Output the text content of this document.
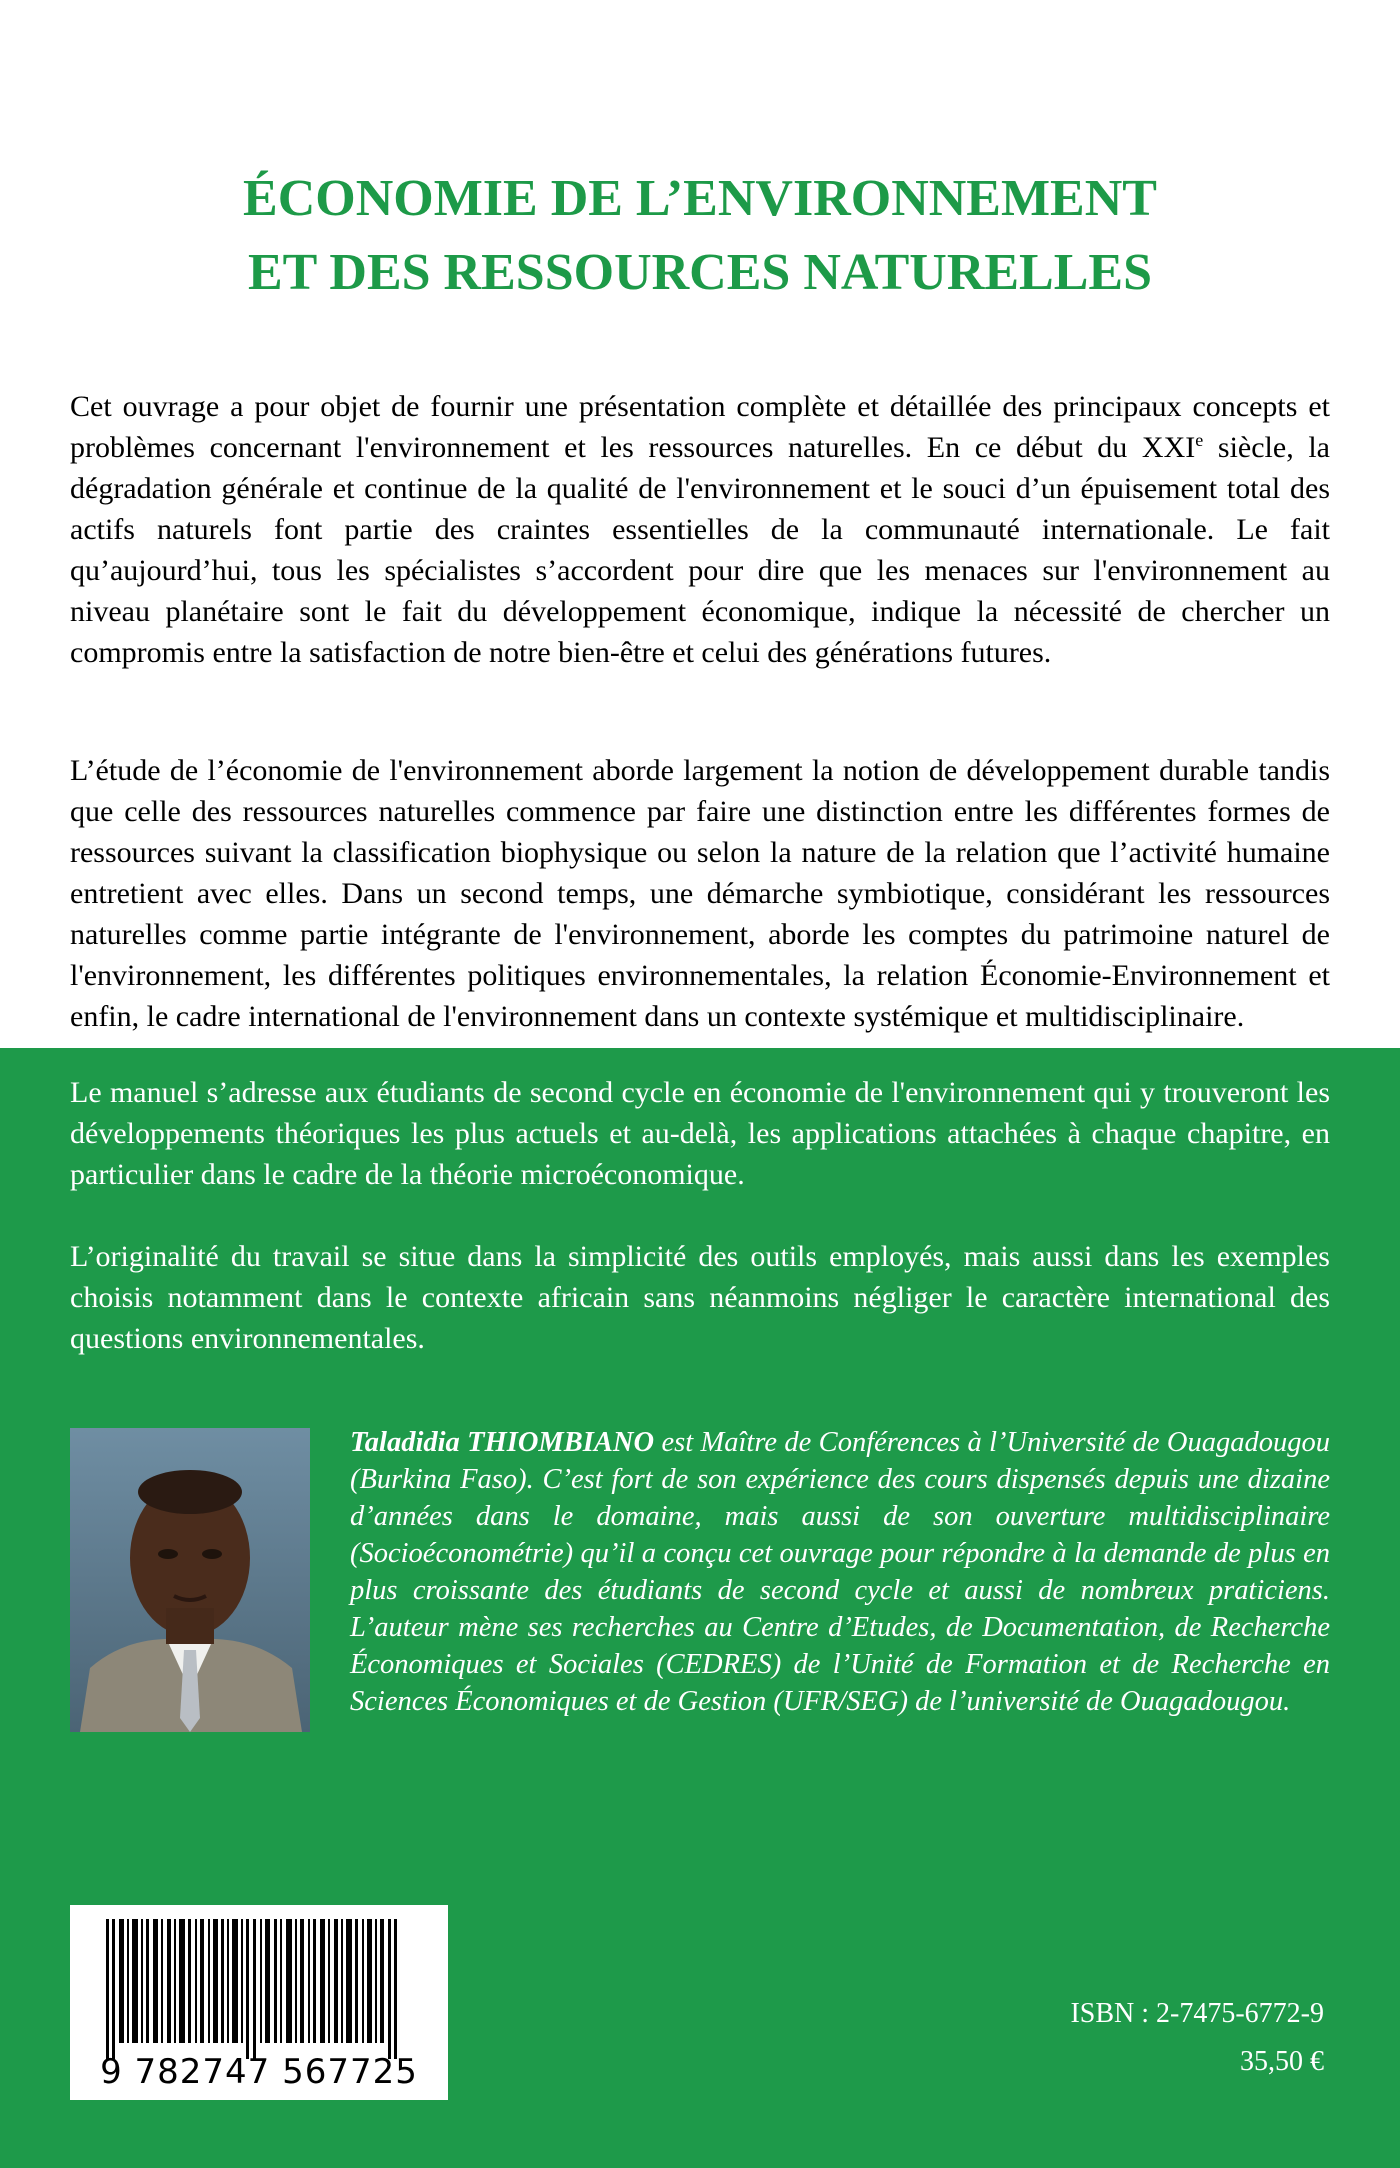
ÉCONOMIE DE L’ENVIRONNEMENT
ET DES RESSOURCES NATURELLES

Cet ouvrage a pour objet de fournir une présentation complète et détaillée des principaux concepts et problèmes concernant l'environnement et les ressources naturelles. En ce début du XXIe siècle, la dégradation générale et continue de la qualité de l'environnement et le souci d’un épuisement total des actifs naturels font partie des craintes essentielles de la communauté internationale. Le fait qu’aujourd’hui, tous les spécialistes s’accordent pour dire que les menaces sur l'environnement au niveau planétaire sont le fait du développement économique, indique la nécessité de chercher un compromis entre la satisfaction de notre bien-être et celui des générations futures.

L’étude de l’économie de l'environnement aborde largement la notion de développement durable tandis que celle des ressources naturelles commence par faire une distinction entre les différentes formes de ressources suivant la classification biophysique ou selon la nature de la relation que l’activité humaine entretient avec elles. Dans un second temps, une démarche symbiotique, considérant les ressources naturelles comme partie intégrante de l'environnement, aborde les comptes du patrimoine naturel de l'environnement, les différentes politiques environnementales, la relation Économie-Environnement et enfin, le cadre international de l'environnement dans un contexte systémique et multidisciplinaire.

Le manuel s’adresse aux étudiants de second cycle en économie de l'environnement qui y trouveront les développements théoriques les plus actuels et au-delà, les applications attachées à chaque chapitre, en particulier dans le cadre de la théorie microéconomique.

L’originalité du travail se situe dans la simplicité des outils employés, mais aussi dans les exemples choisis notamment dans le contexte africain sans néanmoins négliger le caractère international des questions environnementales.

Taladidia THIOMBIANO est Maître de Conférences à l’Université de Ouagadougou (Burkina Faso). C’est fort de son expérience des cours dispensés depuis une dizaine d’années dans le domaine, mais aussi de son ouverture multidisciplinaire (Socioéconométrie) qu’il a conçu cet ouvrage pour répondre à la demande de plus en plus croissante des étudiants de second cycle et aussi de nombreux praticiens. L’auteur mène ses recherches au Centre d’Etudes, de Documentation, de Recherche Économiques et Sociales (CEDRES) de l’Unité de Formation et de Recherche en Sciences Économiques et de Gestion (UFR/SEG) de l’université de Ouagadougou.

9 782747 567725
ISBN : 2-7475-6772-9
35,50 €
